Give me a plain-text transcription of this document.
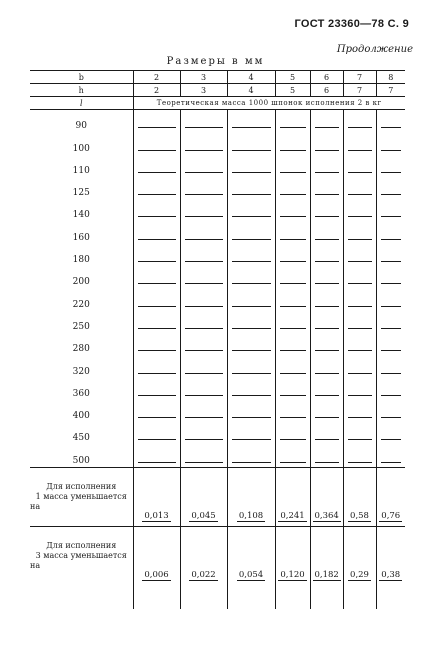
ГОСТ 23360—78 С. 9
Продолжение
Размеры в мм
b	2	3	4	5	6	7	8
h	2	3	4	5	6	7	7
l	Теоретическая масса 1000 шпонок исполнения 2 в кг						
90	

100	

110	

125	

140	

160	

180	

200	

220	

250	

280	

320	

360	

400	

450	

500	

Для исполнения
1 масса уменьшается
на	0,013	0,045	0,108	0,241	0,364	0,58	0,76

Для исполнения
3 масса уменьшается
на	0,006	0,022	0,054	0,120	0,182	0,29	0,38
